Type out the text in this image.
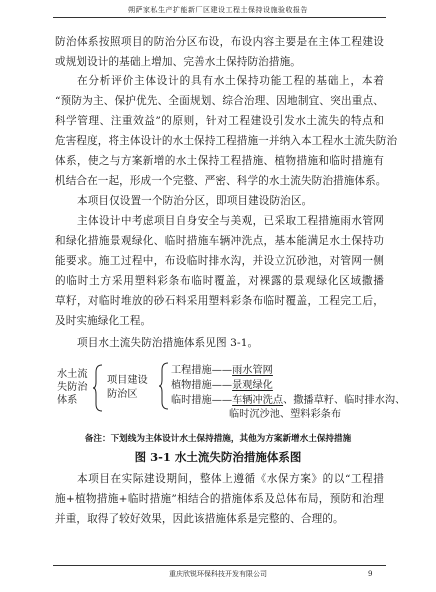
朔萨家私生产扩能新厂区建设工程土保持设施验收报告
防治体系按照项目的防治分区布设，布设内容主要是在主体工程建设
或规划设计的基础上增加、完善水土保持防治措施。
在分析评价主体设计的具有水土保持功能工程的基础上，本着
“预防为主、保护优先、全面规划、综合治理、因地制宜、突出重点、
科学管理、注重效益”的原则，针对工程建设引发水土流失的特点和
危害程度，将主体设计的水土保持工程措施一并纳入本工程水土流失防治
体系，使之与方案新增的水土保持工程措施、植物措施和临时措施有
机结合在一起，形成一个完整、严密、科学的水土流失防治措施体系。
本项目仅设置一个防治分区，即项目建设防治区。
主体设计中考虑项目自身安全与美观，已采取工程措施雨水管网
和绿化措施景观绿化、临时措施车辆冲洗点，基本能满足水土保持功
能要求。施工过程中，布设临时排水沟，并设立沉砂池，对管网一侧
的临时土方采用塑料彩条布临时覆盖，对裸露的景观绿化区域撒播
草籽，对临时堆放的砂石料采用塑料彩条布临时覆盖，工程完工后，
及时实施绿化工程。
项目水土流失防治措施体系见图 3-1。
水土流
失防治
体系
项目建设
防治区
工程措施——雨水管网
植物措施——景观绿化
临时措施——车辆冲洗点、撒播草籽、临时排水沟、
临时沉沙池、塑料彩条布
备注：下划线为主体设计水土保持措施，其他为方案新增水土保持措施
图 3-1 水土流失防治措施体系图
本项目在实际建设期间，整体上遵循《水保方案》的以“工程措
施+植物措施+临时措施”相结合的措施体系及总体布局，预防和治理
并重，取得了较好效果，因此该措施体系是完整的、合理的。
重庆欣锐环保科技开发有限公司	9
